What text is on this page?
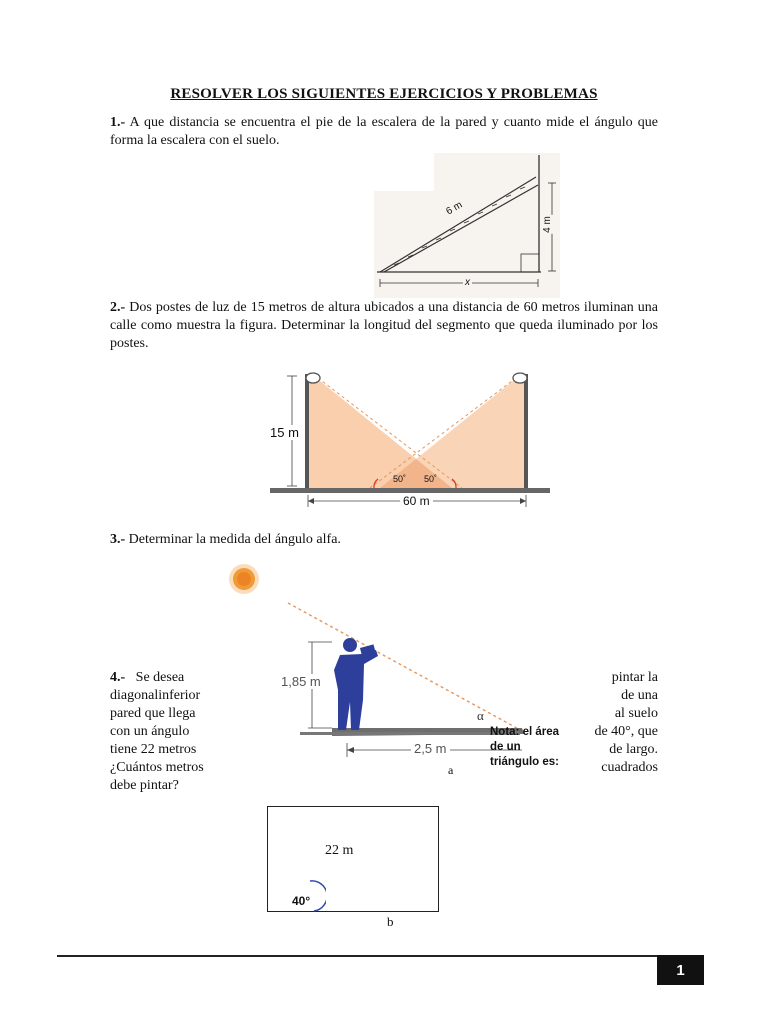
RESOLVER LOS SIGUIENTES EJERCICIOS Y PROBLEMAS
1.- A que distancia se encuentra el pie de la escalera de la pared y cuanto mide el ángulo que forma la escalera con el suelo.
6 m
4 m
x
2.- Dos postes de luz de 15 metros de altura ubicados a una distancia de 60 metros iluminan una calle como muestra la figura. Determinar la longitud del segmento que queda iluminado por los postes.
15 m
50˚ 50˚
60 m
3.- Determinar la medida del ángulo alfa.
1,85 m
2,5 m
α
4.- Se desea
diagonalinferior
pared que llega
con un ángulo
tiene 22 metros
¿Cuántos metros
debe pintar?
pintar la
de una
al suelo
de 40°, que
de largo.
cuadrados
Nota: el área de un triángulo es:
a
22 m
40°
b
1
